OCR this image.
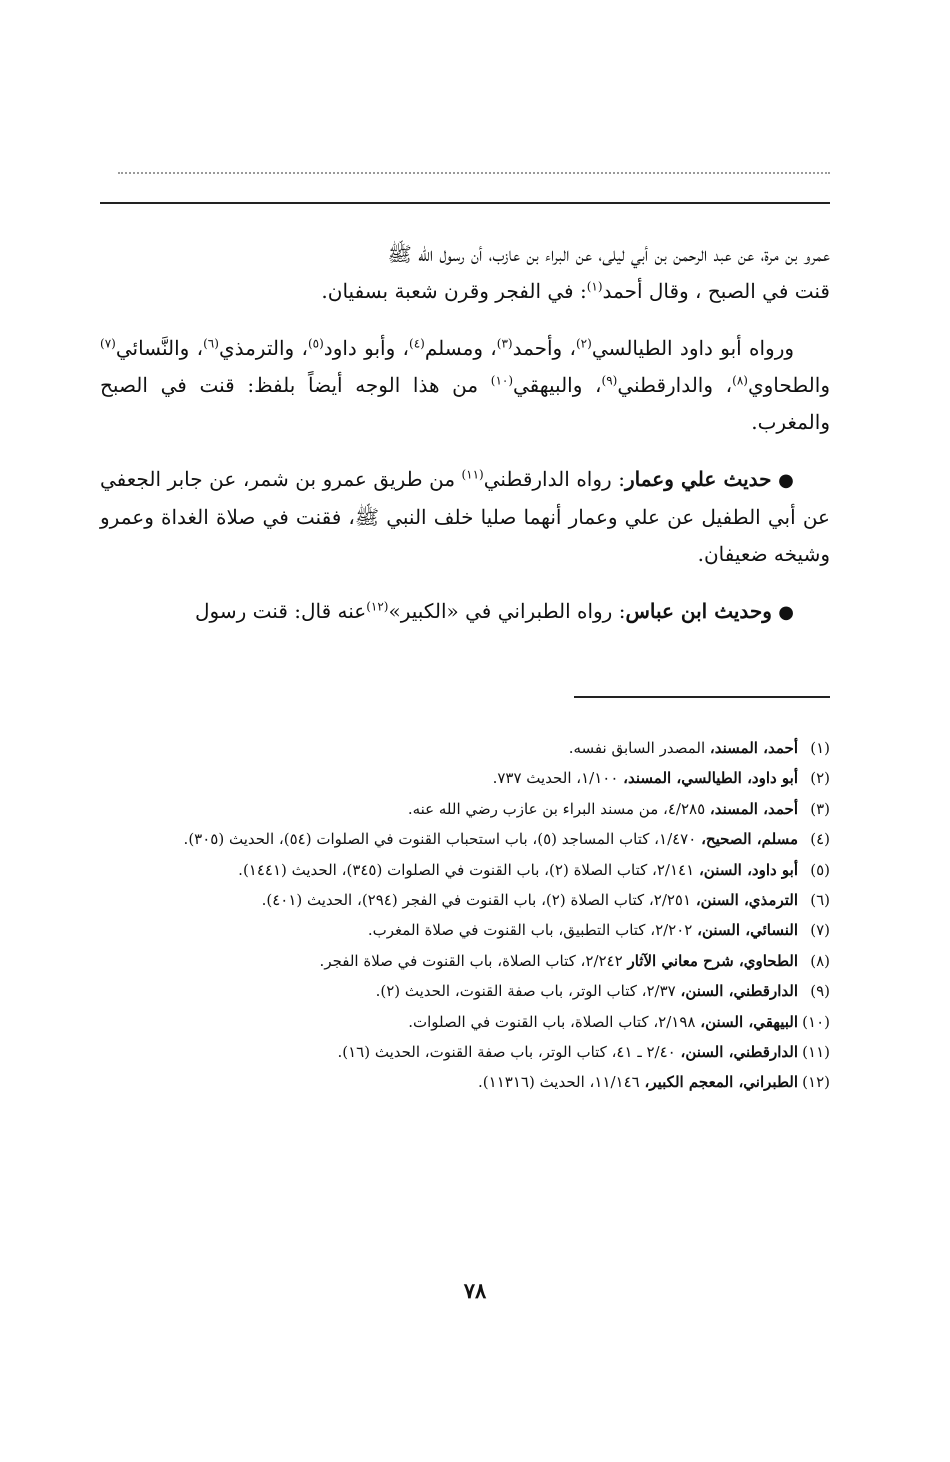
عمرو بن مرة، عن عبد الرحمن بن أبي ليلى، عن البراء بن عازب، أن رسول الله ﷺ
قنت في الصبح ، وقال أحمد$^{(١)}$: في الفجر وقرن شعبة بسفيان.

ورواه أبو داود الطيالسي$^{(٢)}$، وأحمد$^{(٣)}$، ومسلم$^{(٤)}$، وأبو داود$^{(٥)}$، والترمذي$^{(٦)}$، والنَّسائي$^{(٧)}$ والطحاوي$^{(٨)}$، والدارقطني$^{(٩)}$، والبيهقي$^{(١٠)}$ من هذا الوجه أيضاً بلفظ: قنت في الصبح والمغرب.

● حديث علي وعمار: رواه الدارقطني$^{(١١)}$ من طريق عمرو بن شمر، عن جابر الجعفي عن أبي الطفيل عن علي وعمار أنهما صليا خلف النبي ﷺ، فقنت في صلاة الغداة وعمرو وشيخه ضعيفان.

● وحديث ابن عباس: رواه الطبراني في «الكبير»$^{(١٢)}$عنه قال: قنت رسول

(١)أحمد، المسند، المصدر السابق نفسه.

(٢)أبو داود، الطيالسي، المسند، ١/١٠٠، الحديث ٧٣٧.

(٣)أحمد، المسند، ٤/٢٨٥، من مسند البراء بن عازب رضي الله عنه.

(٤)مسلم، الصحيح، ١/٤٧٠، كتاب المساجد (٥)، باب استحباب القنوت في الصلوات (٥٤)، الحديث (٣٠٥).

(٥)أبو داود، السنن، ٢/١٤١، كتاب الصلاة (٢)، باب القنوت في الصلوات (٣٤٥)، الحديث (١٤٤١).

(٦)الترمذي، السنن، ٢/٢٥١، كتاب الصلاة (٢)، باب القنوت في الفجر (٢٩٤)، الحديث (٤٠١).

(٧)النسائي، السنن، ٢/٢٠٢، كتاب التطبيق، باب القنوت في صلاة المغرب.

(٨)الطحاوي، شرح معاني الآثار ٢/٢٤٢، كتاب الصلاة، باب القنوت في صلاة الفجر.

(٩)الدارقطني، السنن، ٢/٣٧، كتاب الوتر، باب صفة القنوت، الحديث (٢).

(١٠)البيهقي، السنن، ٢/١٩٨، كتاب الصلاة، باب القنوت في الصلوات.

(١١)الدارقطني، السنن، ٢/٤٠ ـ ٤١، كتاب الوتر، باب صفة القنوت، الحديث (١٦).

(١٢)الطبراني، المعجم الكبير، ١١/١٤٦، الحديث (١١٣١٦).

٧٨
